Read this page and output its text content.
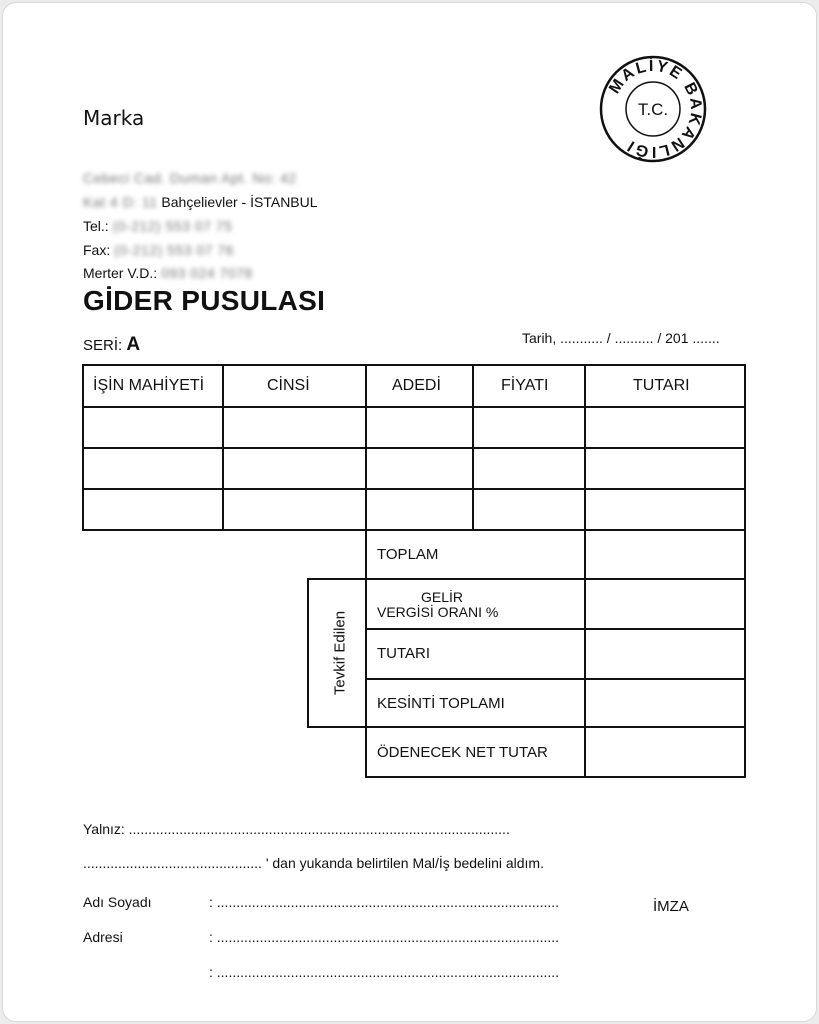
Marka
MALİYE BAKANLIĞI
T.C.
Cebeci Cad. Duman Apt. No: 42
Kat 4 D: 11 Bahçelievler - İSTANBUL
Tel.: (0-212) 553 07 75
Fax: (0-212) 553 07 76
Merter V.D.: 093 024 7078
GİDER PUSULASI
SERİ: A	Tarih, ........... / .......... / 201 .......
İŞİN MAHİYETİ	CİNSİ	ADEDİ	FİYATI	TUTARI
TOPLAM
Tevkif Edilen
GELİR
VERGİSİ ORANI %
TUTARI
KESİNTİ TOPLAMI
ÖDENECEK NET TUTAR
Yalnız: ..................................................................................................
.............................................. ' dan yukanda belirtilen Mal/İş bedelini aldım.
Adı Soyadı	: ........................................................................................	İMZA
Adresi	: ........................................................................................
: ........................................................................................
